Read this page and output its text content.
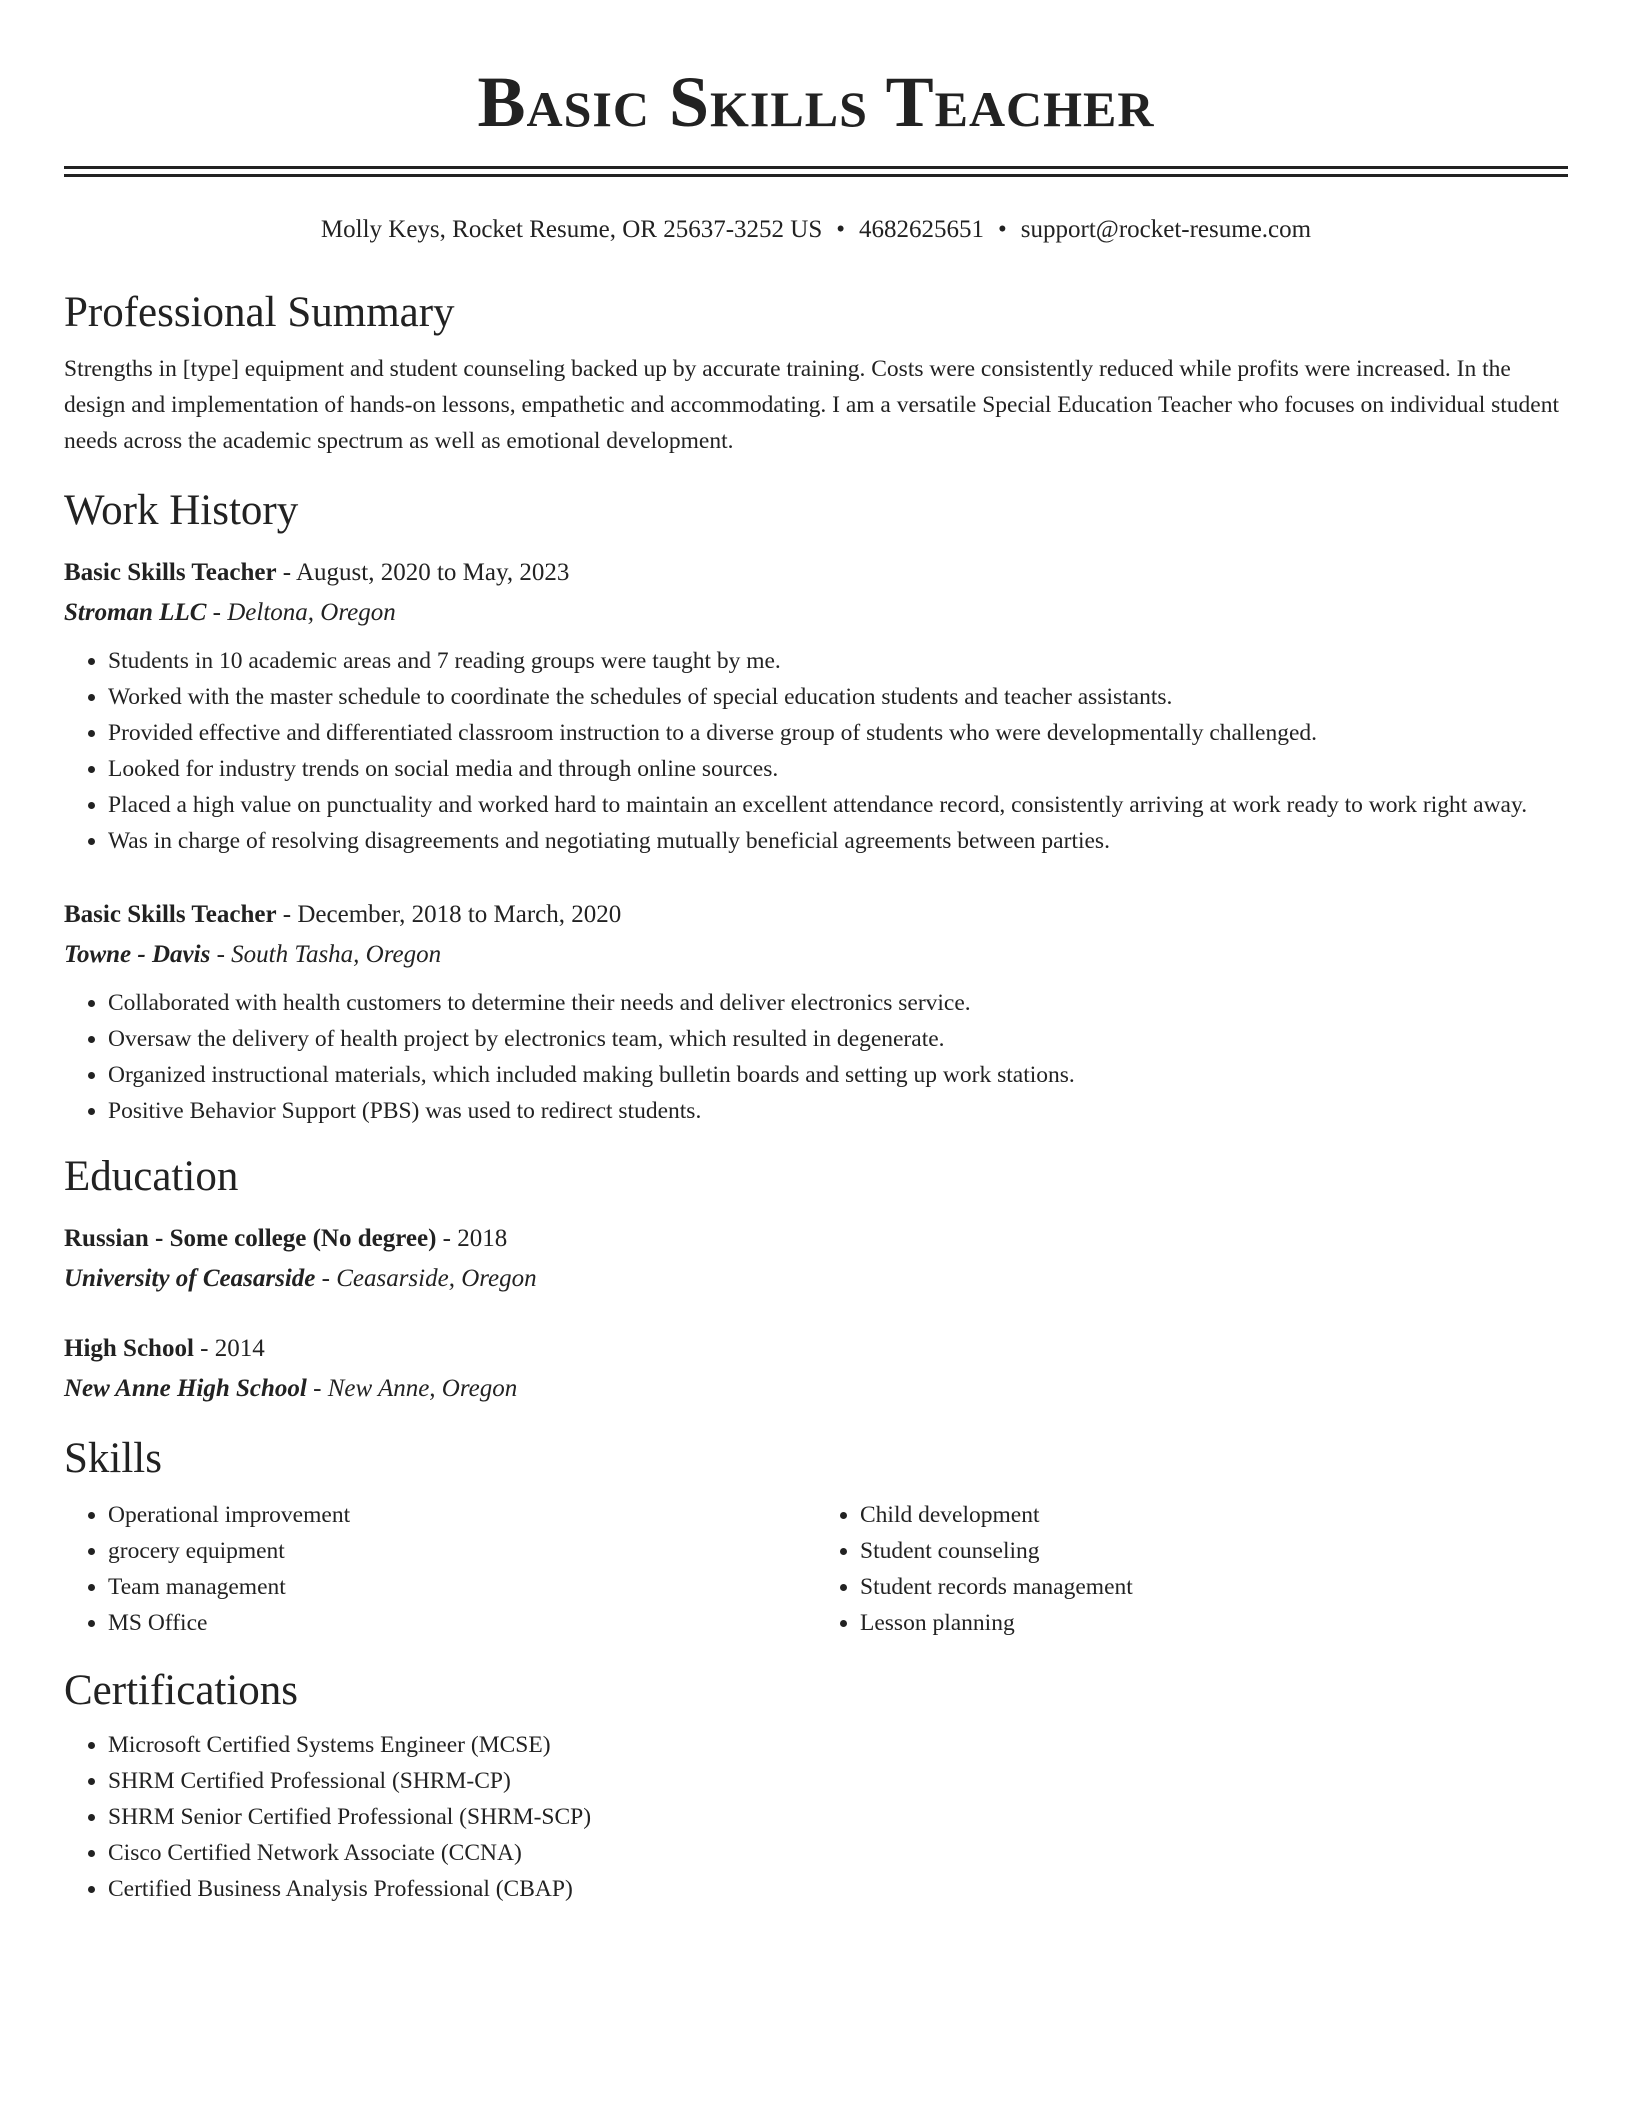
Basic Skills Teacher
Molly Keys, Rocket Resume, OR 25637-3252 US • 4682625651 • support@rocket-resume.com
Professional Summary

Strengths in [type] equipment and student counseling backed up by accurate training. Costs were consistently reduced while profits were increased. In the design and implementation of hands-on lessons, empathetic and accommodating. I am a versatile Special Education Teacher who focuses on individual student needs across the academic spectrum as well as emotional development.

Work History

Basic Skills Teacher - August, 2020 to May, 2023

Stroman LLC - Deltona, Oregon

• Students in 10 academic areas and 7 reading groups were taught by me.
• Worked with the master schedule to coordinate the schedules of special education students and teacher assistants.
• Provided effective and differentiated classroom instruction to a diverse group of students who were developmentally challenged.
• Looked for industry trends on social media and through online sources.
• Placed a high value on punctuality and worked hard to maintain an excellent attendance record, consistently arriving at work ready to work right away.
• Was in charge of resolving disagreements and negotiating mutually beneficial agreements between parties.

Basic Skills Teacher - December, 2018 to March, 2020

Towne - Davis - South Tasha, Oregon

• Collaborated with health customers to determine their needs and deliver electronics service.
• Oversaw the delivery of health project by electronics team, which resulted in degenerate.
• Organized instructional materials, which included making bulletin boards and setting up work stations.
• Positive Behavior Support (PBS) was used to redirect students.
Education

Russian - Some college (No degree) - 2018

University of Ceasarside - Ceasarside, Oregon

High School - 2014

New Anne High School - New Anne, Oregon

Skills
• Operational improvement
• grocery equipment
• Team management
• MS Office
• Child development
• Student counseling
• Student records management
• Lesson planning
Certifications
• Microsoft Certified Systems Engineer (MCSE)
• SHRM Certified Professional (SHRM-CP)
• SHRM Senior Certified Professional (SHRM-SCP)
• Cisco Certified Network Associate (CCNA)
• Certified Business Analysis Professional (CBAP)
